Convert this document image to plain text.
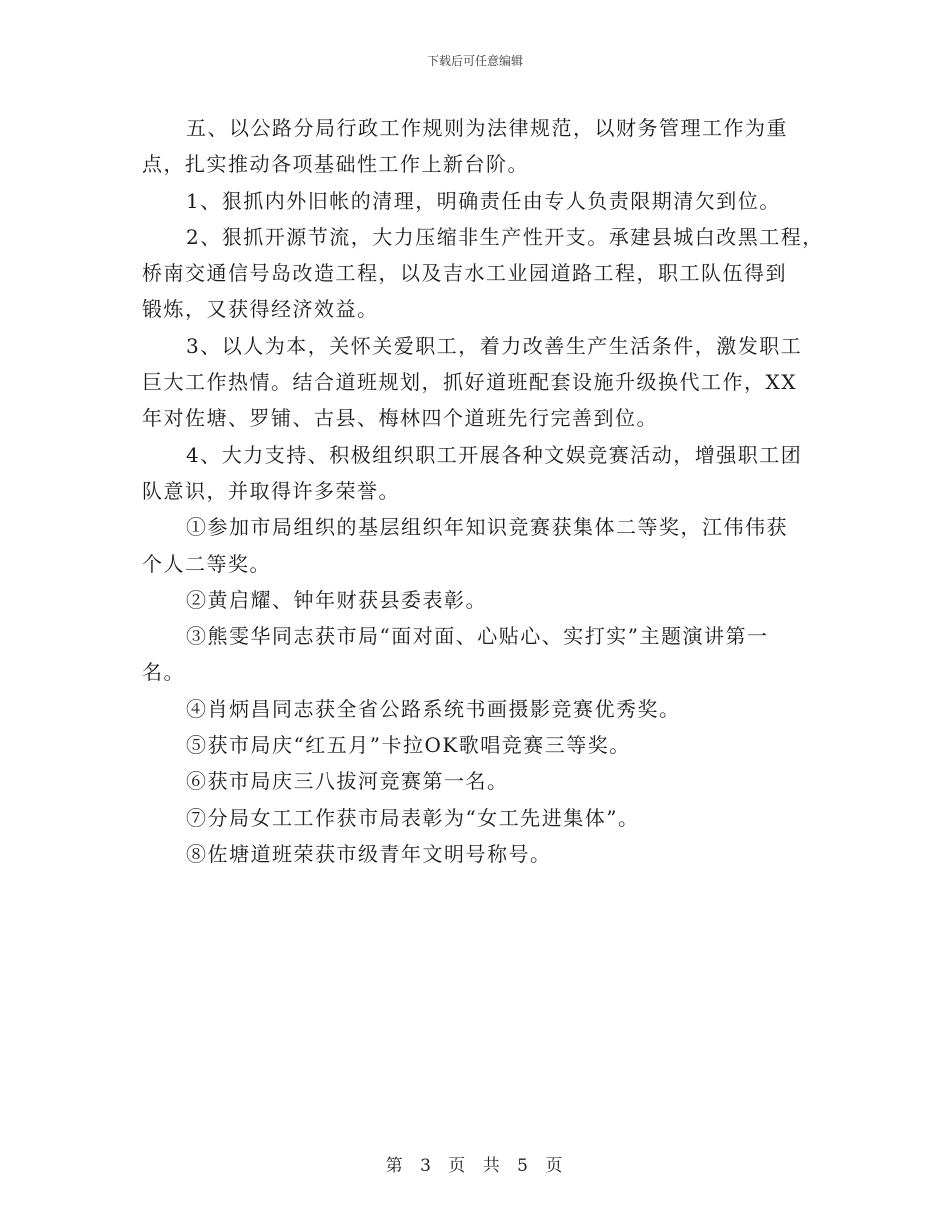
下载后可任意编辑
五、以公路分局行政工作规则为法律规范，以财务管理工作为重
点，扎实推动各项基础性工作上新台阶。
1、狠抓内外旧帐的清理，明确责任由专人负责限期清欠到位。
2、狠抓开源节流，大力压缩非生产性开支。承建县城白改黑工程，
桥南交通信号岛改造工程，以及吉水工业园道路工程，职工队伍得到
锻炼，又获得经济效益。
3、以人为本，关怀关爱职工，着力改善生产生活条件，激发职工
巨大工作热情。结合道班规划，抓好道班配套设施升级换代工作，XX
年对佐塘、罗铺、古县、梅林四个道班先行完善到位。
4、大力支持、积极组织职工开展各种文娱竞赛活动，增强职工团
队意识，并取得许多荣誉。
①参加市局组织的基层组织年知识竞赛获集体二等奖，江伟伟获
个人二等奖。
②黄启耀、钟年财获县委表彰。
③熊雯华同志获市局“面对面、心贴心、实打实”主题演讲第一
名。
④肖炳昌同志获全省公路系统书画摄影竞赛优秀奖。
⑤获市局庆“红五月”卡拉OK歌唱竞赛三等奖。
⑥获市局庆三八拔河竞赛第一名。
⑦分局女工工作获市局表彰为“女工先进集体”。
⑧佐塘道班荣获市级青年文明号称号。
第 3 页 共 5 页
